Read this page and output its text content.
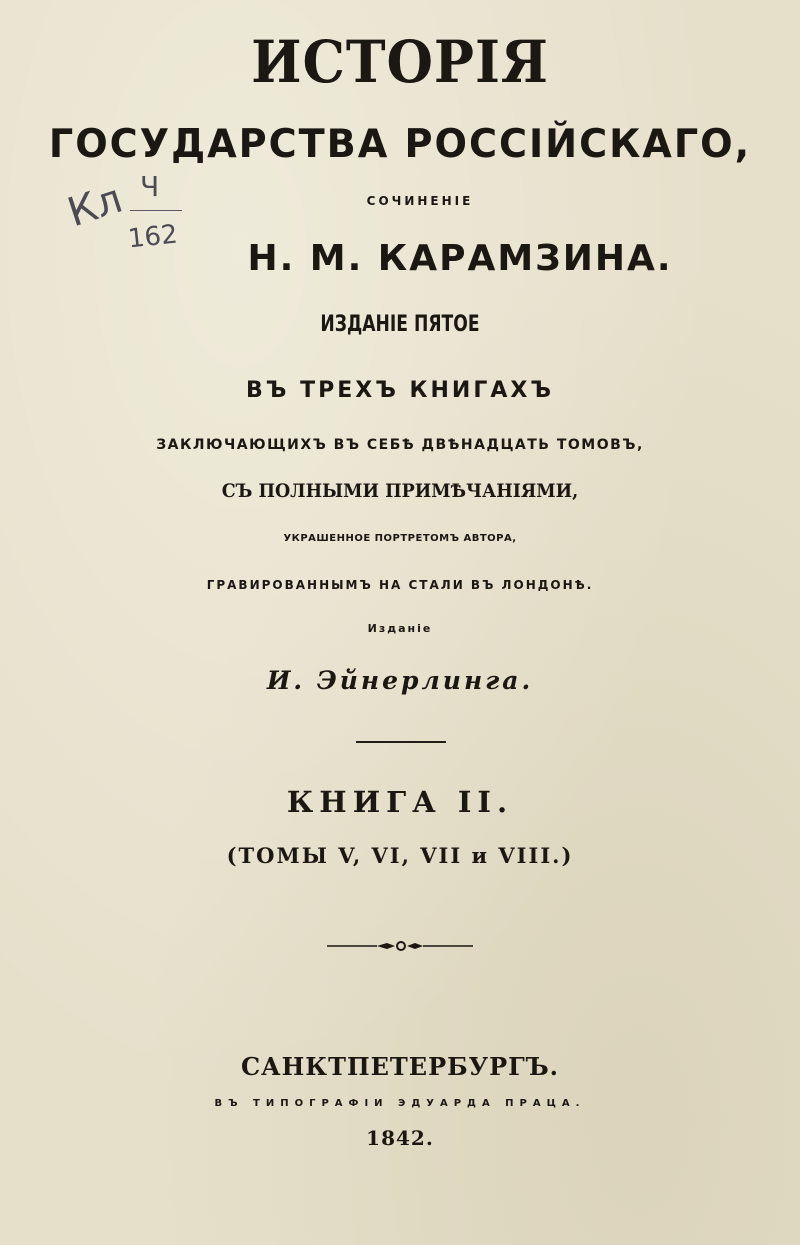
ИСТОРІЯ
ГОСУДАРСТВА РОССІЙСКАГО,
СОЧИНЕНІЕ
Н. М. КАРАМЗИНА.
ИЗДАНІЕ ПЯТОЕ
ВЪ ТРЕХЪ КНИГАХЪ
ЗАКЛЮЧАЮЩИХЪ ВЪ СЕБѢ ДВѢНАДЦАТЬ ТОМОВЪ,
СЪ ПОЛНЫМИ ПРИМѢЧАНІЯМИ,
УКРАШЕННОЕ ПОРТРЕТОМЪ АВТОРА,
ГРАВИРОВАННЫМЪ НА СТАЛИ ВЪ ЛОНДОНѢ.
Изданіе
И. Эйнерлинга.
КНИГА II.
(ТОМЫ V, VI, VII и VIII.)
САНКТПЕТЕРБУРГЪ.
ВЪ ТИПОГРАФІИ ЭДУАРДА ПРАЦА.
1842.
Кл Ч
162
